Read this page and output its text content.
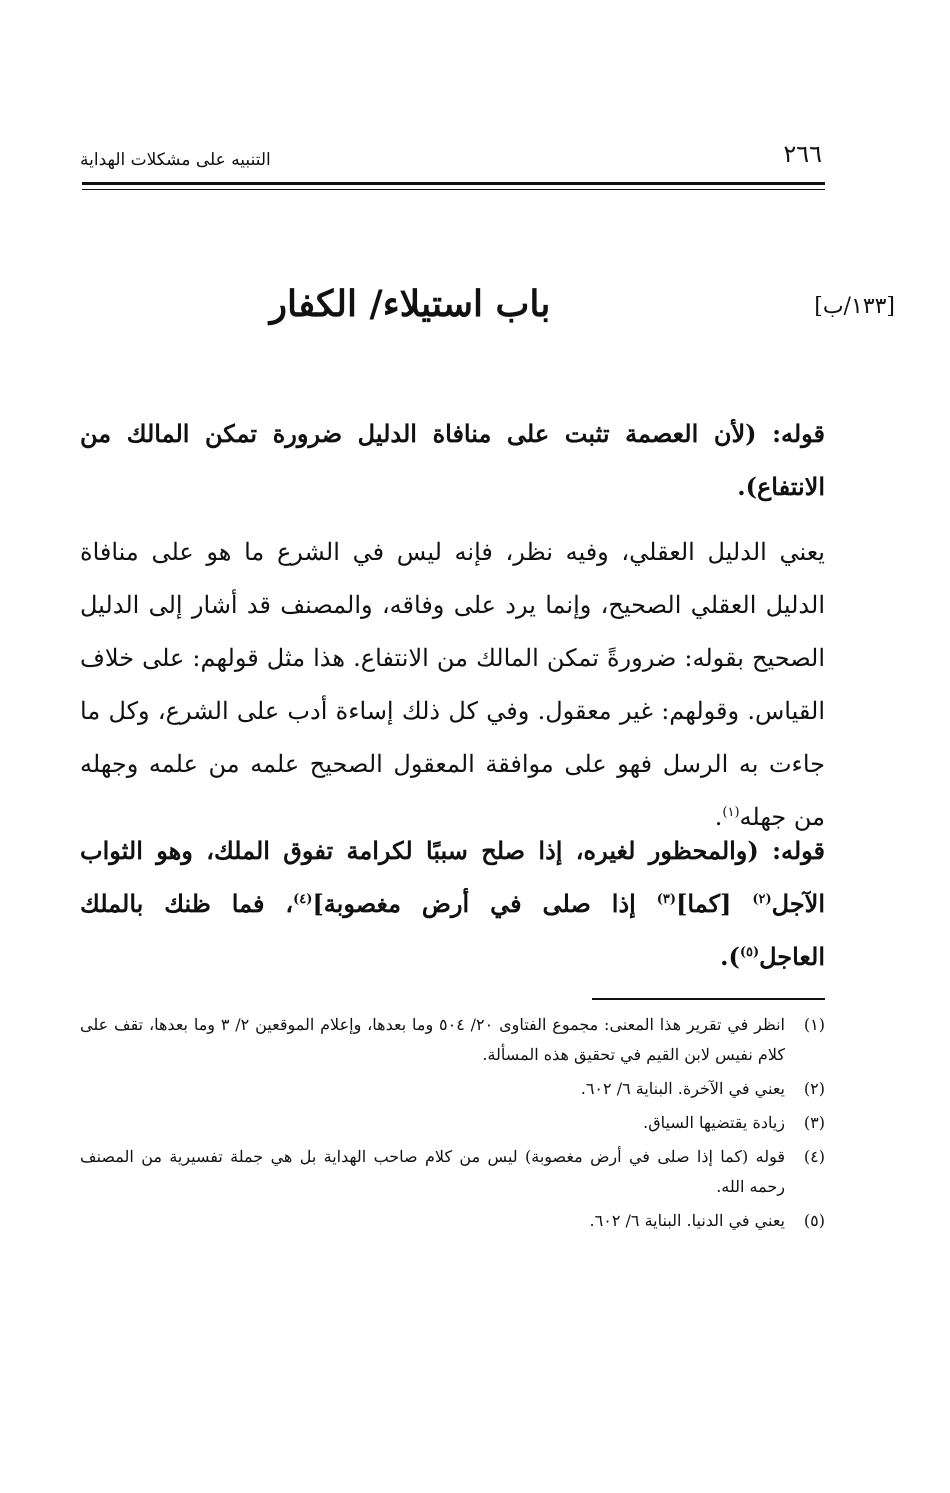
٢٦٦
التنبيه على مشكلات الهداية
[١٣٣/ب]
باب استيلاء/ الكفار

قوله: (لأن العصمة تثبت على منافاة الدليل ضرورة تمكن المالك من الانتفاع).

يعني الدليل العقلي، وفيه نظر، فإنه ليس في الشرع ما هو على منافاة الدليل العقلي الصحيح، وإنما يرد على وفاقه، والمصنف قد أشار إلى الدليل الصحيح بقوله: ضرورةً تمكن المالك من الانتفاع. هذا مثل قولهم: على خلاف القياس. وقولهم: غير معقول. وفي كل ذلك إساءة أدب على الشرع، وكل ما جاءت به الرسل فهو على موافقة المعقول الصحيح علمه من علمه وجهله من جهله$^{(١)}$.

قوله: (والمحظور لغيره، إذا صلح سببًا لكرامة تفوق الملك، وهو الثواب الآجل$^{(٢)}$ [كما]$^{(٣)}$ إذا صلى في أرض مغصوبة]$^{(٤)}$، فما ظنك بالملك العاجل$^{(٥)}$).

(١)
انظر في تقرير هذا المعنى: مجموع الفتاوى ٢٠/ ٥٠٤ وما بعدها، وإعلام الموقعين ٢/ ٣ وما بعدها، تقف على كلام نفيس لابن القيم في تحقيق هذه المسألة.
(٢)
يعني في الآخرة. البناية ٦/ ٦٠٢.
(٣)
زيادة يقتضيها السياق.
(٤)
قوله (كما إذا صلى في أرض مغصوبة) ليس من كلام صاحب الهداية بل هي جملة تفسيرية من المصنف رحمه الله.
(٥)
يعني في الدنيا. البناية ٦/ ٦٠٢.
